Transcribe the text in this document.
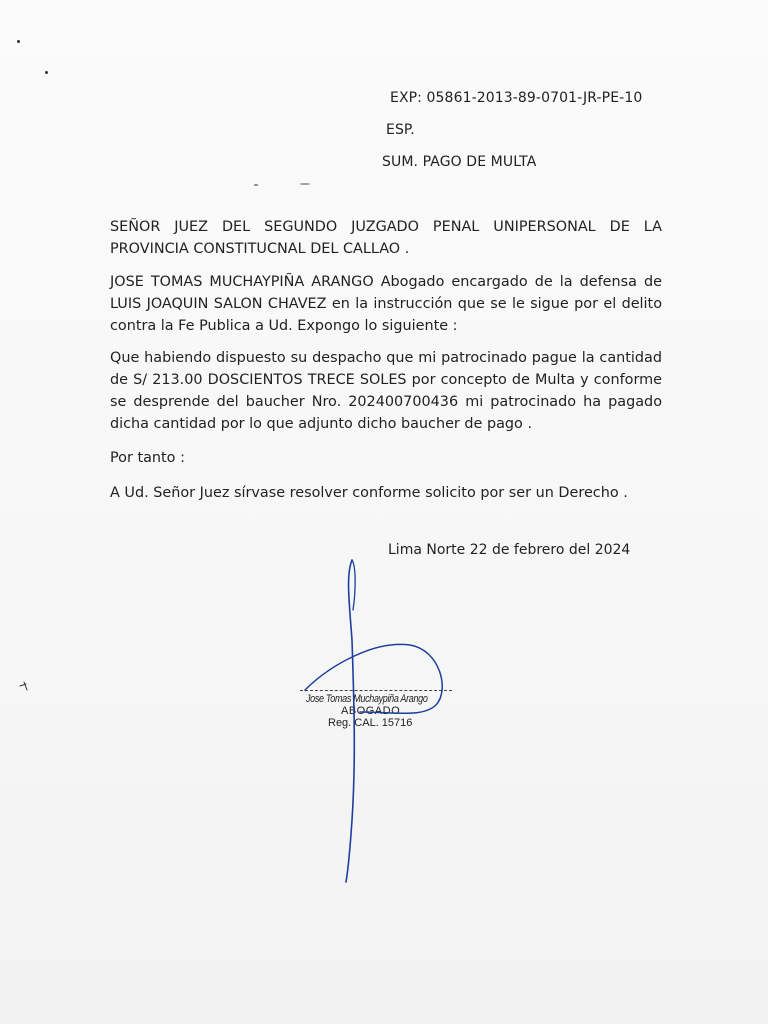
EXP: 05861-2013-89-0701-JR-PE-10
ESP.
SUM. PAGO DE MULTA
SEÑOR JUEZ DEL SEGUNDO JUZGADO PENAL UNIPERSONAL DE LA PROVINCIA CONSTITUCNAL DEL CALLAO .
JOSE TOMAS MUCHAYPIÑA ARANGO Abogado encargado de la defensa de LUIS JOAQUIN SALON CHAVEZ en la instrucción que se le sigue por el delito contra la Fe Publica a Ud. Expongo lo siguiente :
Que habiendo dispuesto su despacho que mi patrocinado pague la cantidad de S/ 213.00 DOSCIENTOS TRECE SOLES por concepto de Multa y conforme se desprende del baucher Nro. 202400700436 mi patrocinado ha pagado dicha cantidad por lo que adjunto dicho baucher de pago .
Por tanto :
A Ud. Señor Juez sírvase resolver conforme solicito por ser un Derecho .
Lima Norte 22 de febrero del 2024
Jose Tomas Muchaypiña Arango
ABOGADO
Reg. CAL. 15716
